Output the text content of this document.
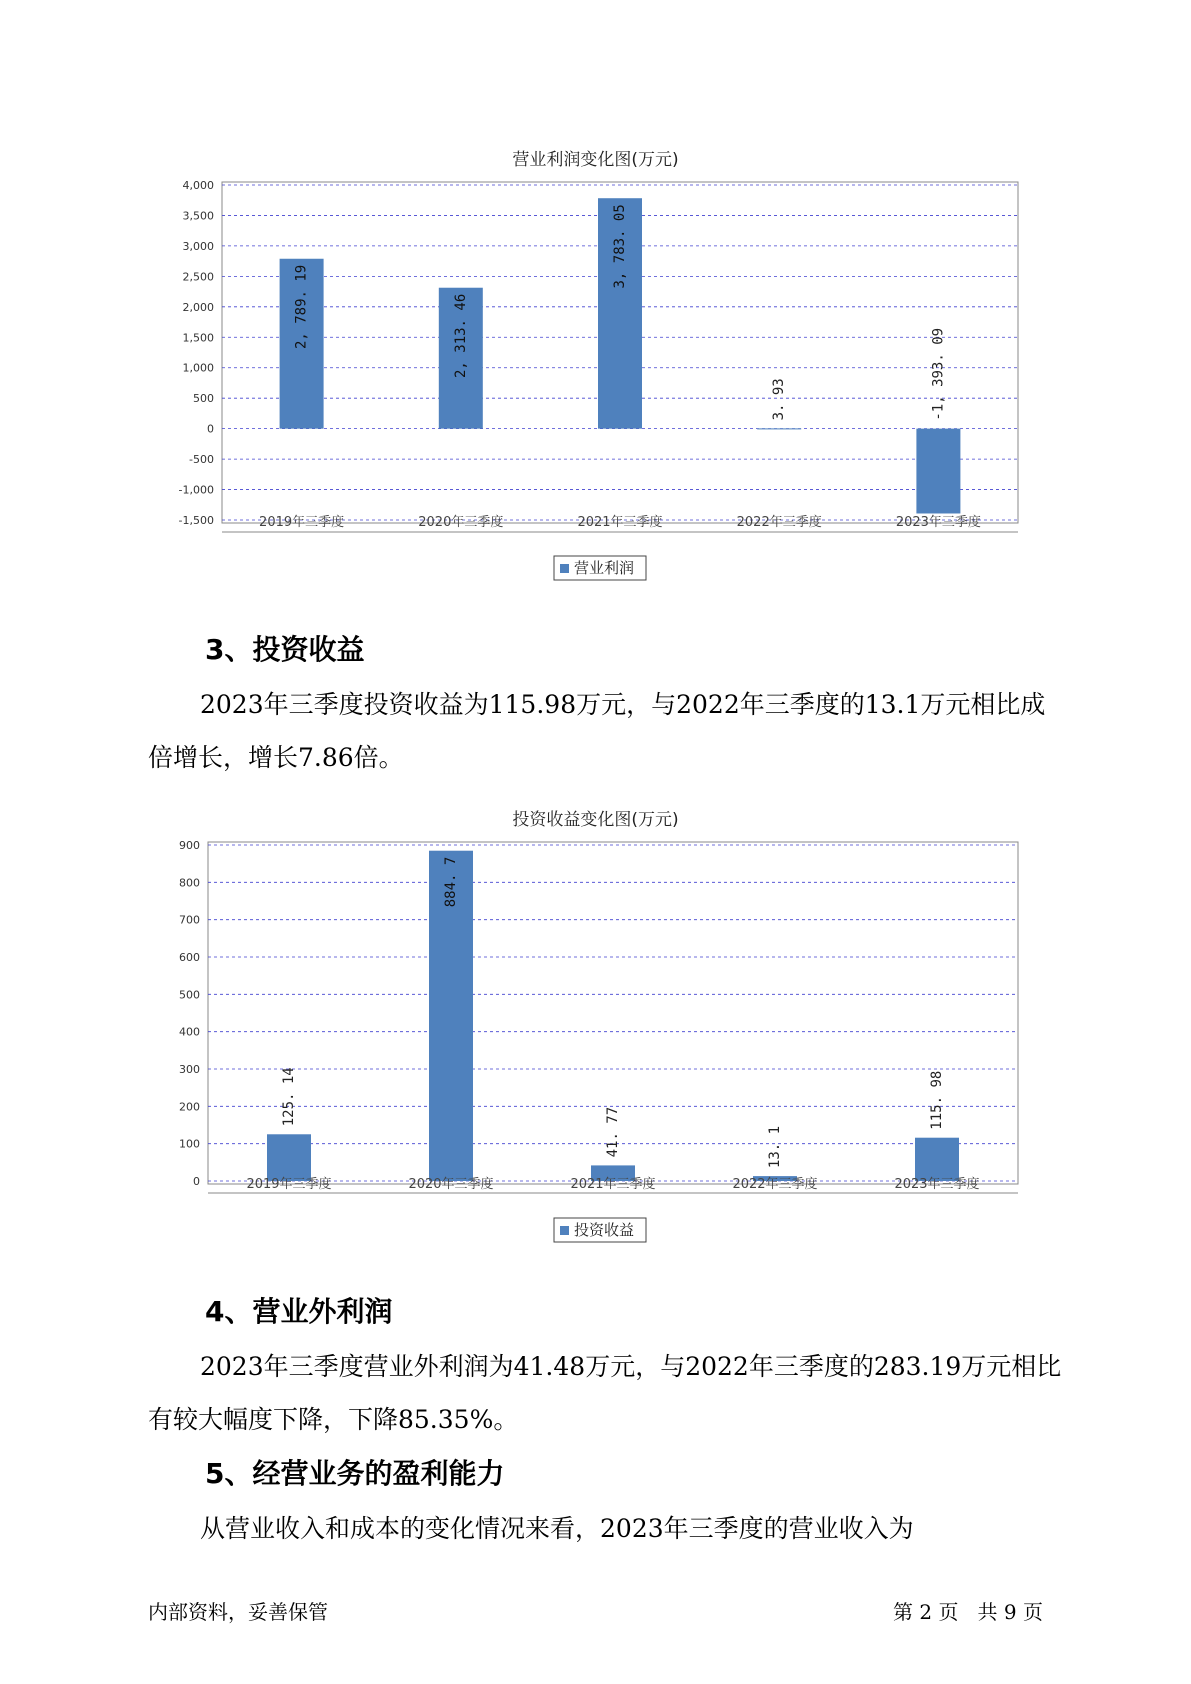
营业利润变化图(万元)
4,000
3,500
3,000
2,500
2,000
1,500
1,000
500
0
-500
-1,000
-1,500
2, 789. 19
2019年三季度
2, 313. 46
2020年三季度
3, 783. 05
2021年三季度
3. 93
2022年三季度
-1, 393. 09
2023年三季度
营业利润
3、投资收益

2023年三季度投资收益为115.98万元，与2022年三季度的13.1万元相比成倍增长，增长7.86倍。

投资收益变化图(万元)
900
800
700
600
500
400
300
200
100
0
125. 14
2019年三季度
884. 7
2020年三季度
41. 77
2021年三季度
13. 1
2022年三季度
115. 98
2023年三季度
投资收益
4、营业外利润

2023年三季度营业外利润为41.48万元，与2022年三季度的283.19万元相比有较大幅度下降，下降85.35%。

5、经营业务的盈利能力

从营业收入和成本的变化情况来看，2023年三季度的营业收入为

内部资料，妥善保管	第 2 页   共 9 页
